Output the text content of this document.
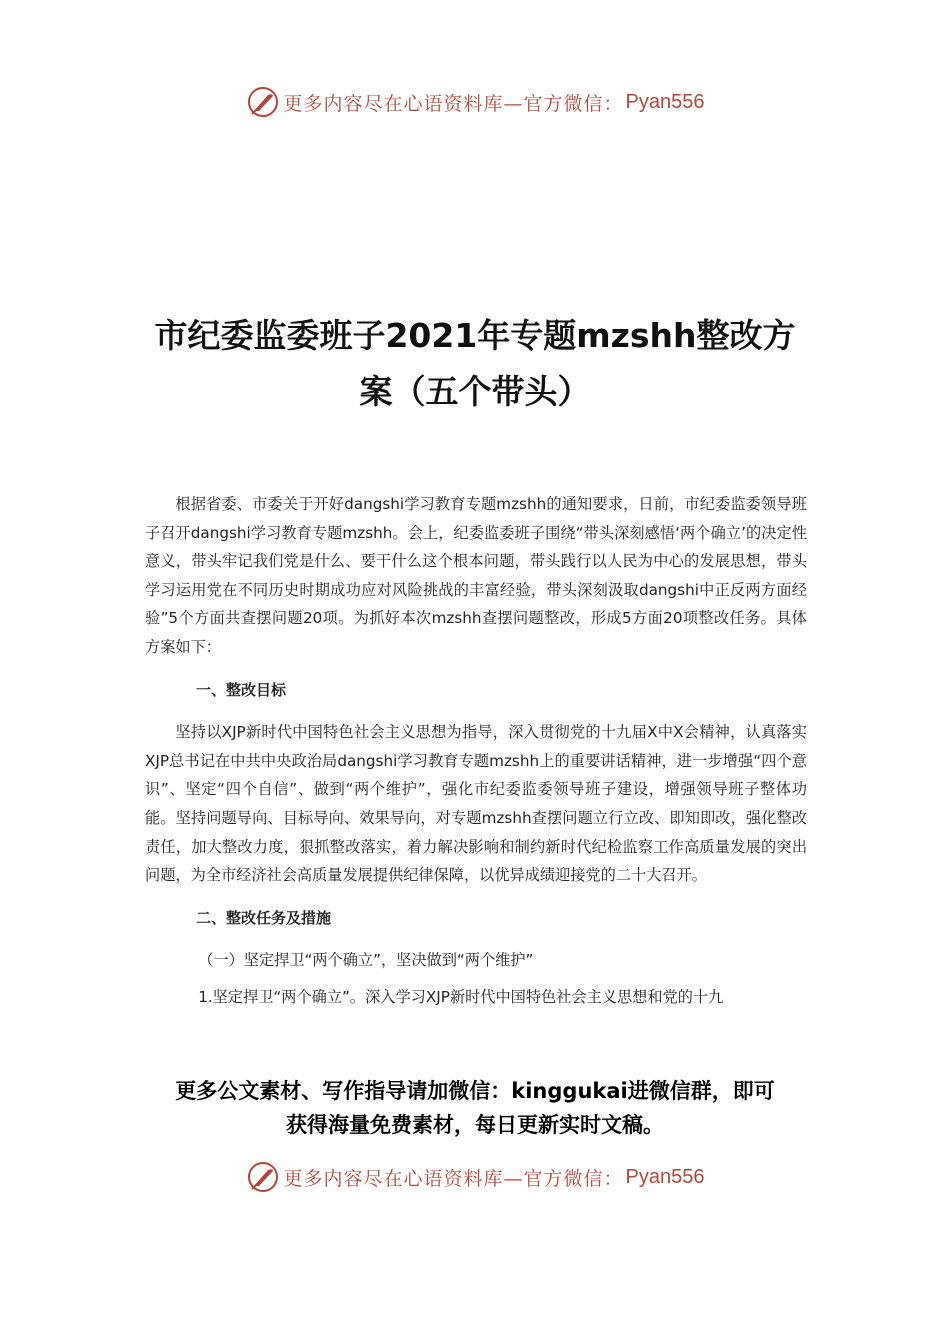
更多内容尽在心语资料库—官方微信： Pyan556
市纪委监委班子2021年专题mzshh整改方
案（五个带头）

根据省委、市委关于开好dangshi学习教育专题mzshh的通知要求，日前，市纪委监委领导班子召开dangshi学习教育专题mzshh。会上，纪委监委班子围绕“带头深刻感悟‘两个确立’的决定性意义，带头牢记我们党是什么、要干什么这个根本问题，带头践行以人民为中心的发展思想，带头学习运用党在不同历史时期成功应对风险挑战的丰富经验，带头深刻汲取dangshi中正反两方面经验”5个方面共查摆问题20项。为抓好本次mzshh查摆问题整改，形成5方面20项整改任务。具体方案如下：

一、整改目标

坚持以XJP新时代中国特色社会主义思想为指导，深入贯彻党的十九届X中X会精神，认真落实XJP总书记在中共中央政治局dangshi学习教育专题mzshh上的重要讲话精神，进一步增强“四个意识”、坚定“四个自信”、做到“两个维护”，强化市纪委监委领导班子建设，增强领导班子整体功能。坚持问题导向、目标导向、效果导向，对专题mzshh查摆问题立行立改、即知即改，强化整改责任，加大整改力度，狠抓整改落实，着力解决影响和制约新时代纪检监察工作高质量发展的突出问题，为全市经济社会高质量发展提供纪律保障，以优异成绩迎接党的二十大召开。

二、整改任务及措施

（一）坚定捍卫“两个确立”，坚决做到“两个维护”

1.坚定捍卫“两个确立”。深入学习XJP新时代中国特色社会主义思想和党的十九

更多公文素材、写作指导请加微信：kinggukai进微信群，即可
获得海量免费素材，每日更新实时文稿。
更多内容尽在心语资料库—官方微信： Pyan556
